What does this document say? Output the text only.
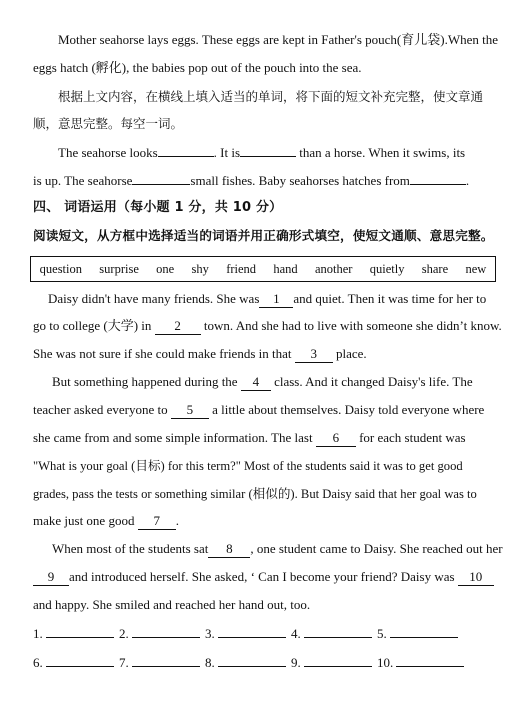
Mother seahorse lays eggs. These eggs are kept in Father's pouch(育儿袋).When the
eggs hatch (孵化), the babies pop out of the pouch into the sea.
根据上文内容，在横线上填入适当的单词，将下面的短文补充完整，使文章通
顺，意思完整。每空一词。
The seahorse looks	. It is	than a horse. When it swims, its
is up. The seahorse	small fishes. Baby seahorses hatches from	.
四、 词语运用（每小题 1 分，共 10 分）
阅读短文，从方框中选择适当的词语并用正确形式填空，使短文通顺、意思完整。
question surprise one shy friend hand another quietly share new
Daisy didn't have many friends. She was 1 and quiet. Then it was time for her to
go to college (大学) in 2 town. And she had to live with someone she didn’t know.
She was not sure if she could make friends in that 3 place.
But something happened during the 4 class. And it changed Daisy's life. The
teacher asked everyone to 5 a little about themselves. Daisy told everyone where
she came from and some simple information. The last 6 for each student was
"What is your goal (目标) for this term?" Most of the students said it was to get good
grades, pass the tests or something similar (相似的). But Daisy said that her goal was to
make just one good 7 .
When most of the students sat 8 , one student came to Daisy. She reached out her
9 and introduced herself. She asked, ‘ Can I become your friend? Daisy was 10
and happy. She smiled and reached her hand out, too.
1.	2.	3.	4.	5.
6.	7.	8.	9.	10.
